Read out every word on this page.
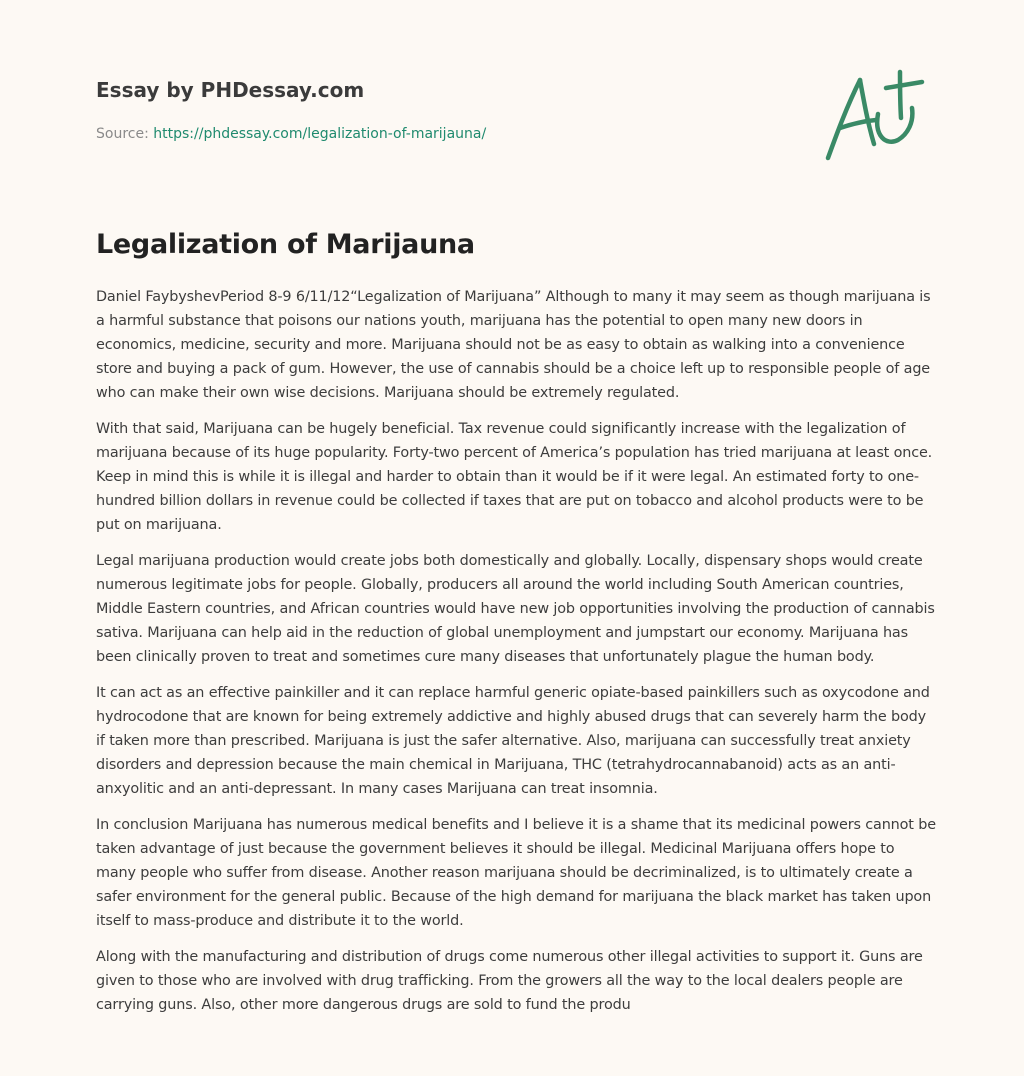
Essay by PHDessay.com
Source: https://phdessay.com/legalization-of-marijauna/
Legalization of Marijauna

Daniel FaybyshevPeriod 8-9 6/11/12“Legalization of Marijuana” Although to many it may seem as though marijuana is a harmful substance that poisons our nations youth, marijuana has the potential to open many new doors in economics, medicine, security and more. Marijuana should not be as easy to obtain as walking into a convenience store and buying a pack of gum. However, the use of cannabis should be a choice left up to responsible people of age who can make their own wise decisions. Marijuana should be extremely regulated.

With that said, Marijuana can be hugely beneficial. Tax revenue could significantly increase with the legalization of marijuana because of its huge popularity. Forty-two percent of America’s population has tried marijuana at least once. Keep in mind this is while it is illegal and harder to obtain than it would be if it were legal. An estimated forty to one-hundred billion dollars in revenue could be collected if taxes that are put on tobacco and alcohol products were to be put on marijuana.

Legal marijuana production would create jobs both domestically and globally. Locally, dispensary shops would create numerous legitimate jobs for people. Globally, producers all around the world including South American countries, Middle Eastern countries, and African countries would have new job opportunities involving the production of cannabis sativa. Marijuana can help aid in the reduction of global unemployment and jumpstart our economy. Marijuana has been clinically proven to treat and sometimes cure many diseases that unfortunately plague the human body.

It can act as an effective painkiller and it can replace harmful generic opiate-based painkillers such as oxycodone and hydrocodone that are known for being extremely addictive and highly abused drugs that can severely harm the body if taken more than prescribed. Marijuana is just the safer alternative. Also, marijuana can successfully treat anxiety disorders and depression because the main chemical in Marijuana, THC (tetrahydrocannabanoid) acts as an anti-anxyolitic and an anti-depressant. In many cases Marijuana can treat insomnia.

In conclusion Marijuana has numerous medical benefits and I believe it is a shame that its medicinal powers cannot be taken advantage of just because the government believes it should be illegal. Medicinal Marijuana offers hope to many people who suffer from disease. Another reason marijuana should be decriminalized, is to ultimately create a safer environment for the general public. Because of the high demand for marijuana the black market has taken upon itself to mass-produce and distribute it to the world.

Along with the manufacturing and distribution of drugs come numerous other illegal activities to support it. Guns are given to those who are involved with drug trafficking. From the growers all the way to the local dealers people are carrying guns. Also, other more dangerous drugs are sold to fund the produ
